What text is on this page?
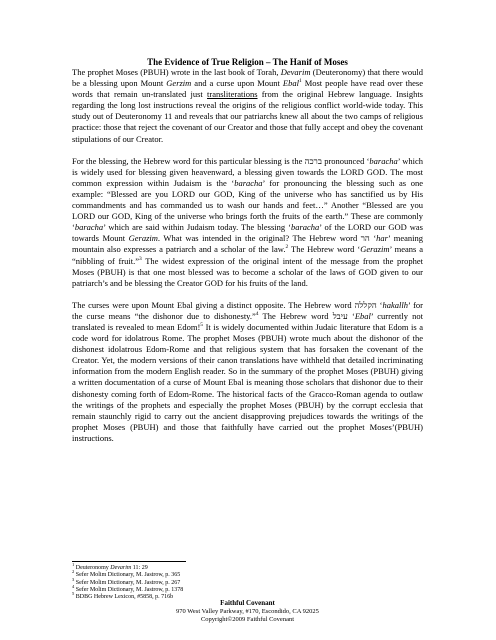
The Evidence of True Religion – The Hanif of Moses

The prophet Moses (PBUH) wrote in the last book of Torah, Devarim (Deuteronomy) that there would be a blessing upon Mount Gerzim and a curse upon Mount Ebal$^1$ Most people have read over these words that remain un-translated just transliterations from the original Hebrew language. Insights regarding the long lost instructions reveal the origins of the religious conflict world-wide today. This study out of Deuteronomy 11 and reveals that our patriarchs knew all about the two camps of religious practice: those that reject the covenant of our Creator and those that fully accept and obey the covenant stipulations of our Creator.

For the blessing, the Hebrew word for this particular blessing is the ברכה pronounced ‘baracha’ which is widely used for blessing given heavenward, a blessing given towards the LORD GOD. The most common expression within Judaism is the ‘baracha’ for pronouncing the blessing such as one example: “Blessed are you LORD our GOD, King of the universe who has sanctified us by His commandments and has commanded us to wash our hands and feet…” Another “Blessed are you LORD our GOD, King of the universe who brings forth the fruits of the earth.” These are commonly ‘baracha’ which are said within Judaism today. The blessing ‘baracha’ of the LORD our GOD was towards Mount Gerazim. What was intended in the original? The Hebrew word הר ‘har’ meaning mountain also expresses a patriarch and a scholar of the law.$^2$ The Hebrew word ‘Gerazim’ means a “nibbling of fruit.”$^3$ The widest expression of the original intent of the message from the prophet Moses (PBUH) is that one most blessed was to become a scholar of the laws of GOD given to our patriarch’s and be blessing the Creator GOD for his fruits of the land.

The curses were upon Mount Ebal giving a distinct opposite. The Hebrew word הקללה ‘hakallh’ for the curse means “the dishonor due to dishonesty.”$^4$ The Hebrew word עיבל ‘Ebal’ currently not translated is revealed to mean Edom!$^5$ It is widely documented within Judaic literature that Edom is a code word for idolatrous Rome. The prophet Moses (PBUH) wrote much about the dishonor of the dishonest idolatrous Edom-Rome and that religious system that has forsaken the covenant of the Creator. Yet, the modern versions of their canon translations have withheld that detailed incriminating information from the modern English reader. So in the summary of the prophet Moses (PBUH) giving a written documentation of a curse of Mount Ebal is meaning those scholars that dishonor due to their dishonesty coming forth of Edom-Rome. The historical facts of the Gracco-Roman agenda to outlaw the writings of the prophets and especially the prophet Moses (PBUH) by the corrupt ecclesia that remain staunchly rigid to carry out the ancient disapproving prejudices towards the writings of the prophet Moses (PBUH) and those that faithfully have carried out the prophet Moses’(PBUH) instructions.

$^1$ Deuteronomy Devarim 11: 29

$^2$ Sefer Molim Dictionary, M. Jastrow, p. 365

$^3$ Sefer Molim Dictionary, M. Jastrow, p. 267

$^4$ Sefer Molim Dictionary, M. Jastrow, p. 1378

$^5$ BDBG Hebrew Lexicon, #5858, p. 716b

Faithful Covenant
970 West Valley Parkway, #170, Escondido, CA 92025
Copyright©2009 Faithful Covenant
